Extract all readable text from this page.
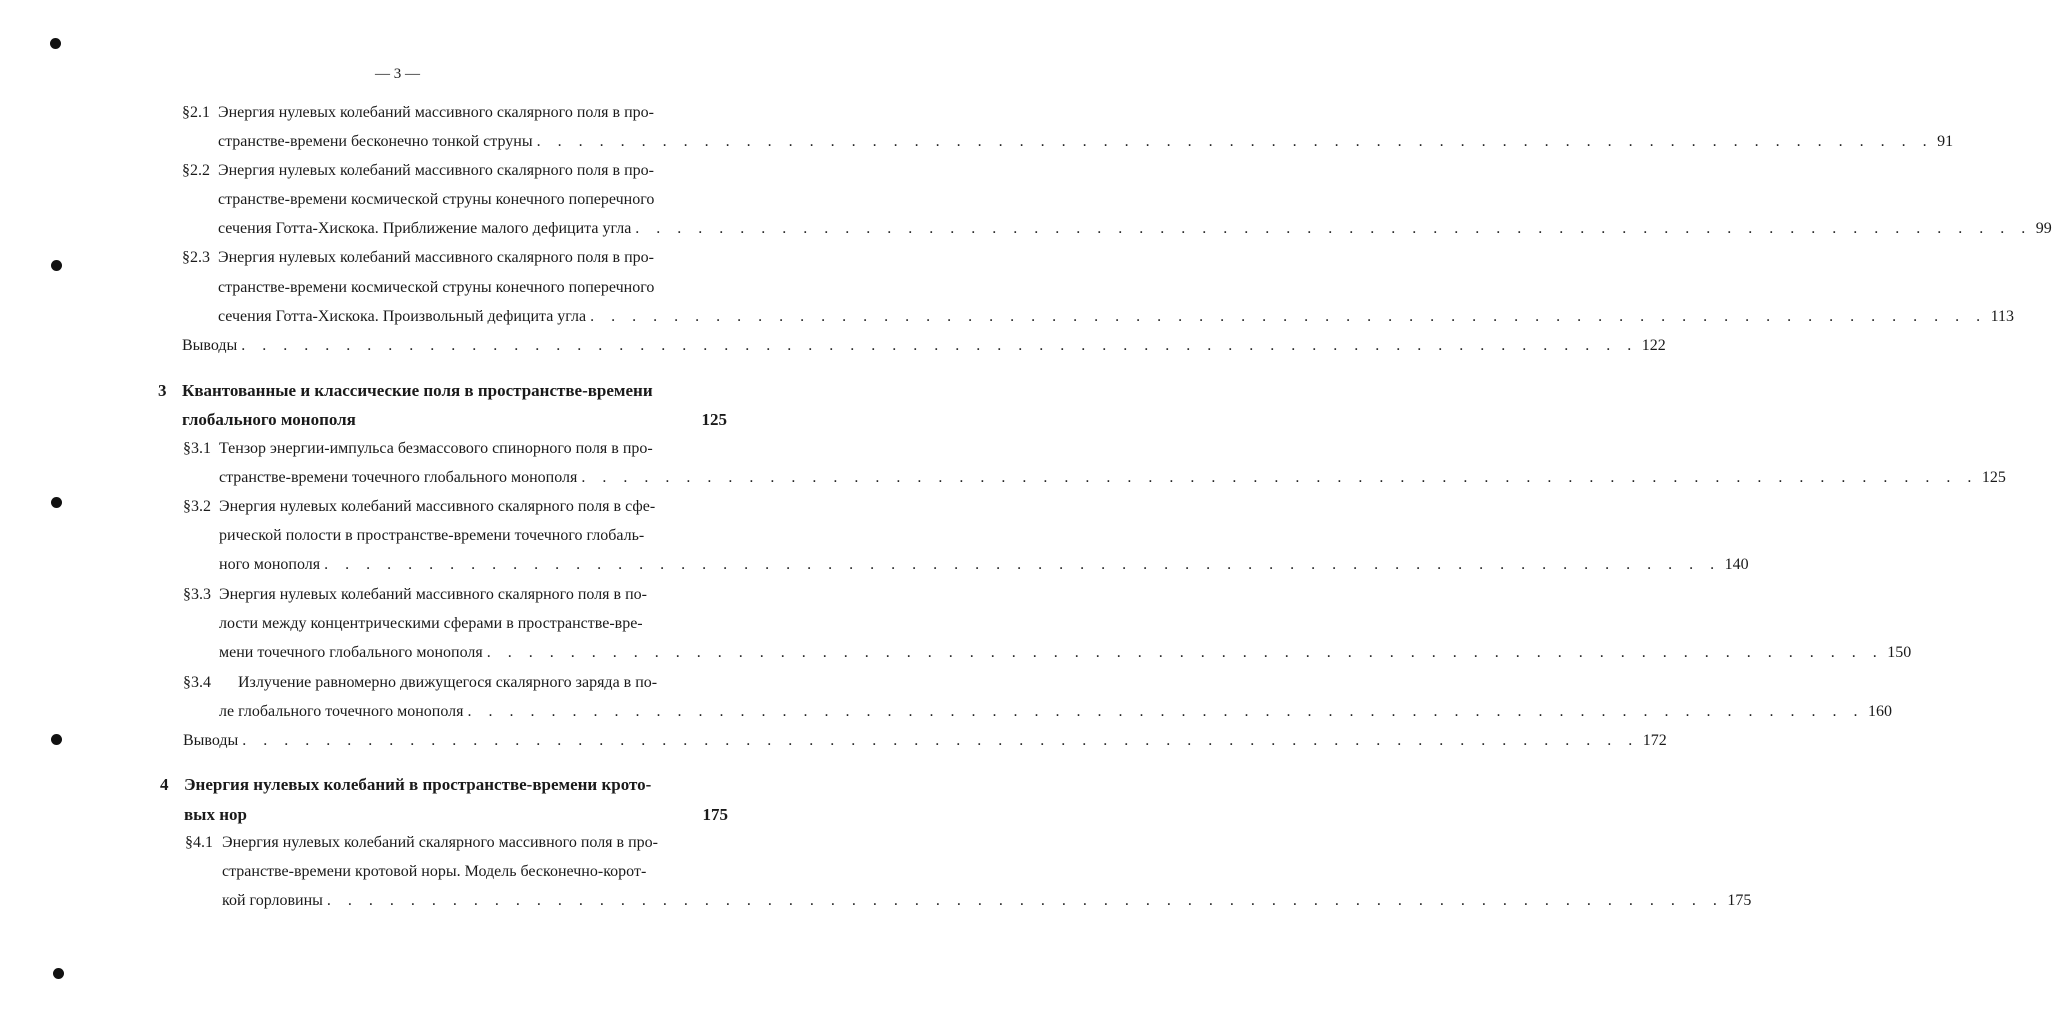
— 3 —
§2.1 Энергия нулевых колебаний массивного скалярного поля в про-
странстве-времени бесконечно тонкой струны . . . . . . . . . . . . . . . . . . . . . . . . . . . . . . . . . . . . . . . . . . . . . . . . . . . . . . . . . . . . . . . . . . . 91
§2.2 Энергия нулевых колебаний массивного скалярного поля в про-
странстве-времени космической струны конечного поперечного
сечения Готта-Хискока. Приближение малого дефицита угла . . . . . . . . . . . . . . . . . . . . . . . . . . . . . . . . . . . . . . . . . . . . . . . . . . . . . . . . . . . . . . . . . . . 99
§2.3 Энергия нулевых колебаний массивного скалярного поля в про-
странстве-времени космической струны конечного поперечного
сечения Готта-Хискока. Произвольный дефицита угла . . . . . . . . . . . . . . . . . . . . . . . . . . . . . . . . . . . . . . . . . . . . . . . . . . . . . . . . . . . . . . . . . . . 113
Выводы . . . . . . . . . . . . . . . . . . . . . . . . . . . . . . . . . . . . . . . . . . . . . . . . . . . . . . . . . . . . . . . . . . . 122
3 Квантованные и классические поля в пространстве-времени
глобального монополя	125
§3.1 Тензор энергии-импульса безмассового спинорного поля в про-
странстве-времени точечного глобального монополя . . . . . . . . . . . . . . . . . . . . . . . . . . . . . . . . . . . . . . . . . . . . . . . . . . . . . . . . . . . . . . . . . . . 125
§3.2 Энергия нулевых колебаний массивного скалярного поля в сфе-
рической полости в пространстве-времени точечного глобаль-
ного монополя . . . . . . . . . . . . . . . . . . . . . . . . . . . . . . . . . . . . . . . . . . . . . . . . . . . . . . . . . . . . . . . . . . . 140
§3.3 Энергия нулевых колебаний массивного скалярного поля в по-
лости между концентрическими сферами в пространстве-вре-
мени точечного глобального монополя . . . . . . . . . . . . . . . . . . . . . . . . . . . . . . . . . . . . . . . . . . . . . . . . . . . . . . . . . . . . . . . . . . . 150
§3.4 Излучение равномерно движущегося скалярного заряда в по-
ле глобального точечного монополя . . . . . . . . . . . . . . . . . . . . . . . . . . . . . . . . . . . . . . . . . . . . . . . . . . . . . . . . . . . . . . . . . . . 160
Выводы . . . . . . . . . . . . . . . . . . . . . . . . . . . . . . . . . . . . . . . . . . . . . . . . . . . . . . . . . . . . . . . . . . . 172
4 Энергия нулевых колебаний в пространстве-времени крото-
вых нор	175
§4.1 Энергия нулевых колебаний скалярного массивного поля в про-
странстве-времени кротовой норы. Модель бесконечно-корот-
кой горловины . . . . . . . . . . . . . . . . . . . . . . . . . . . . . . . . . . . . . . . . . . . . . . . . . . . . . . . . . . . . . . . . . . . 175
